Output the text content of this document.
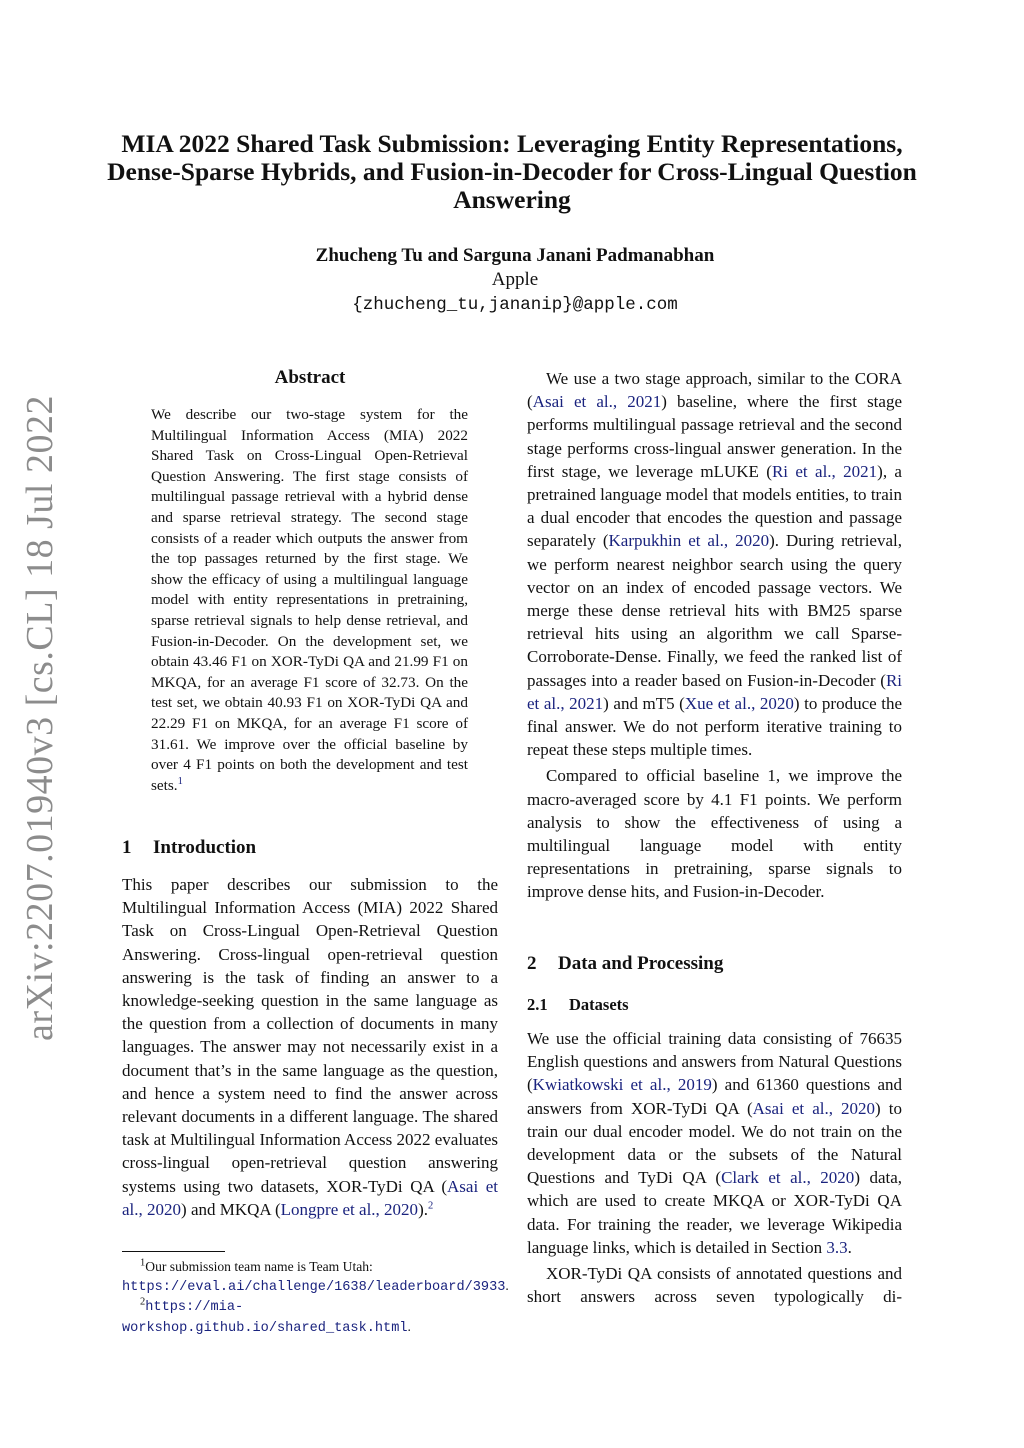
MIA 2022 Shared Task Submission: Leveraging Entity Representations, Dense-Sparse Hybrids, and Fusion-in-Decoder for Cross-Lingual Question Answering
Zhucheng Tu and Sarguna Janani Padmanabhan
Apple
{zhucheng_tu,jananip}@apple.com
arXiv:2207.01940v3 [cs.CL] 18 Jul 2022
Abstract
We describe our two-stage system for the Multilingual Information Access (MIA) 2022 Shared Task on Cross-Lingual Open-Retrieval Question Answering. The first stage consists of multilingual passage retrieval with a hybrid dense and sparse retrieval strategy. The second stage consists of a reader which outputs the answer from the top passages returned by the first stage. We show the efficacy of using a multilingual language model with entity representations in pretraining, sparse retrieval signals to help dense retrieval, and Fusion-in-Decoder. On the development set, we obtain 43.46 F1 on XOR-TyDi QA and 21.99 F1 on MKQA, for an average F1 score of 32.73. On the test set, we obtain 40.93 F1 on XOR-TyDi QA and 22.29 F1 on MKQA, for an average F1 score of 31.61. We improve over the official baseline by over 4 F1 points on both the development and test sets.$^1$
1 Introduction

This paper describes our submission to the Multilingual Information Access (MIA) 2022 Shared Task on Cross-Lingual Open-Retrieval Question Answering. Cross-lingual open-retrieval question answering is the task of finding an answer to a knowledge-seeking question in the same language as the question from a collection of documents in many languages. The answer may not necessarily exist in a document that’s in the same language as the question, and hence a system need to find the answer across relevant documents in a different language. The shared task at Multilingual Information Access 2022 evaluates cross-lingual open-retrieval question answering systems using two datasets, XOR-TyDi QA (Asai et al., 2020) and MKQA (Longpre et al., 2020).$^2$

$^1$Our submission team name is Team Utah: https://eval.ai/challenge/1638/leaderboard/3933.

$^2$https://mia-workshop.github.io/shared_task.html.

We use a two stage approach, similar to the CORA (Asai et al., 2021) baseline, where the first stage performs multilingual passage retrieval and the second stage performs cross-lingual answer generation. In the first stage, we leverage mLUKE (Ri et al., 2021), a pretrained language model that models entities, to train a dual encoder that encodes the question and passage separately (Karpukhin et al., 2020). During retrieval, we perform nearest neighbor search using the query vector on an index of encoded passage vectors. We merge these dense retrieval hits with BM25 sparse retrieval hits using an algorithm we call Sparse-Corroborate-Dense. Finally, we feed the ranked list of passages into a reader based on Fusion-in-Decoder (Ri et al., 2021) and mT5 (Xue et al., 2020) to produce the final answer. We do not perform iterative training to repeat these steps multiple times.

Compared to official baseline 1, we improve the macro-averaged score by 4.1 F1 points. We perform analysis to show the effectiveness of using a multilingual language model with entity representations in pretraining, sparse signals to improve dense hits, and Fusion-in-Decoder.

2 Data and Processing
2.1 Datasets

We use the official training data consisting of 76635 English questions and answers from Natural Questions (Kwiatkowski et al., 2019) and 61360 questions and answers from XOR-TyDi QA (Asai et al., 2020) to train our dual encoder model. We do not train on the development data or the subsets of the Natural Questions and TyDi QA (Clark et al., 2020) data, which are used to create MKQA or XOR-TyDi QA data. For training the reader, we leverage Wikipedia language links, which is detailed in Section 3.3.

XOR-TyDi QA consists of annotated questions and short answers across seven typologically di-
